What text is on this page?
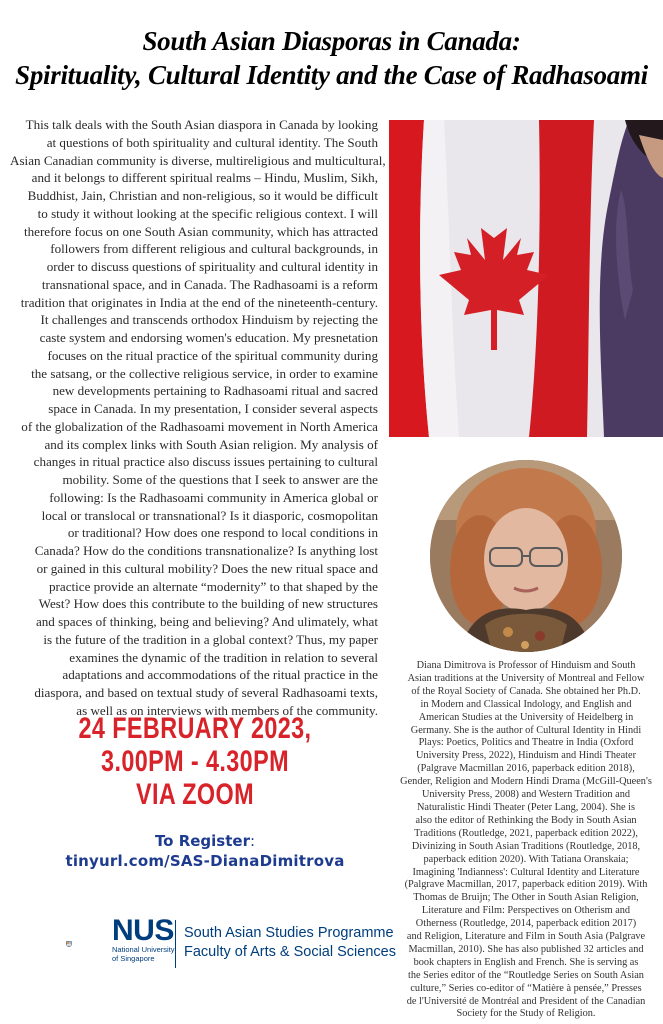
South Asian Diasporas in Canada:
Spirituality, Cultural Identity and the Case of Radhasoami
This talk deals with the South Asian diaspora in Canada by looking
at questions of both spirituality and cultural identity. The South
Asian Canadian community is diverse, multireligious and multicultural,
and it belongs to different spiritual realms – Hindu, Muslim, Sikh,
Buddhist, Jain, Christian and non-religious, so it would be difficult
to study it without looking at the specific religious context. I will
therefore focus on one South Asian community, which has attracted
followers from different religious and cultural backgrounds, in
order to discuss questions of spirituality and cultural identity in
transnational space, and in Canada. The Radhasoami is a reform
tradition that originates in India at the end of the nineteenth-century.
It challenges and transcends orthodox Hinduism by rejecting the
caste system and endorsing women's education. My presnetation
focuses on the ritual practice of the spiritual community during
the satsang, or the collective religious service, in order to examine
new developments pertaining to Radhasoami ritual and sacred
space in Canada. In my presentation, I consider several aspects
of the globalization of the Radhasoami movement in North America
and its complex links with South Asian religion. My analysis of
changes in ritual practice also discuss issues pertaining to cultural
mobility. Some of the questions that I seek to answer are the
following: Is the Radhasoami community in America global or
local or translocal or transnational? Is it diasporic, cosmopolitan
or traditional? How does one respond to local conditions in
Canada? How do the conditions transnationalize? Is anything lost
or gained in this cultural mobility? Does the new ritual space and
practice provide an alternate “modernity” to that shaped by the
West? How does this contribute to the building of new structures
and spaces of thinking, being and believing? And ulimately, what
is the future of the tradition in a global context? Thus, my paper
examines the dynamic of the tradition in relation to several
adaptations and accommodations of the ritual practice in the
diaspora, and based on textual study of several Radhasoami texts,
as well as on interviews with members of the community.
Diana Dimitrova is Professor of Hinduism and South
Asian traditions at the University of Montreal and Fellow
of the Royal Society of Canada. She obtained her Ph.D.
in Modern and Classical Indology, and English and
American Studies at the University of Heidelberg in
Germany. She is the author of Cultural Identity in Hindi
Plays: Poetics, Politics and Theatre in India (Oxford
University Press, 2022), Hinduism and Hindi Theater
(Palgrave Macmillan 2016, paperback edition 2018),
Gender, Religion and Modern Hindi Drama (McGill-Queen's
University Press, 2008) and Western Tradition and
Naturalistic Hindi Theater (Peter Lang, 2004). She is
also the editor of Rethinking the Body in South Asian
Traditions (Routledge, 2021, paperback edition 2022),
Divinizing in South Asian Traditions (Routledge, 2018,
paperback edition 2020). With Tatiana Oranskaia;
Imagining 'Indianness': Cultural Identity and Literature
(Palgrave Macmillan, 2017, paperback edition 2019). With
Thomas de Bruijn; The Other in South Asian Religion,
Literature and Film: Perspectives on Otherism and
Otherness (Routledge, 2014, paperback edition 2017)
and Religion, Literature and Film in South Asia (Palgrave
Macmillan, 2010). She has also published 32 articles and
book chapters in English and French. She is serving as
the Series editor of the “Routledge Series on South Asian
culture,” Series co-editor of “Matière à pensée,” Presses
de l'Université de Montréal and President of the Canadian
Society for the Study of Religion.
24 FEBRUARY 2023,
3.00PM - 4.30PM
VIA ZOOM
To Register:
tinyurl.com/SAS-DianaDimitrova
NUS
National University
of Singapore
South Asian Studies Programme
Faculty of Arts & Social Sciences
